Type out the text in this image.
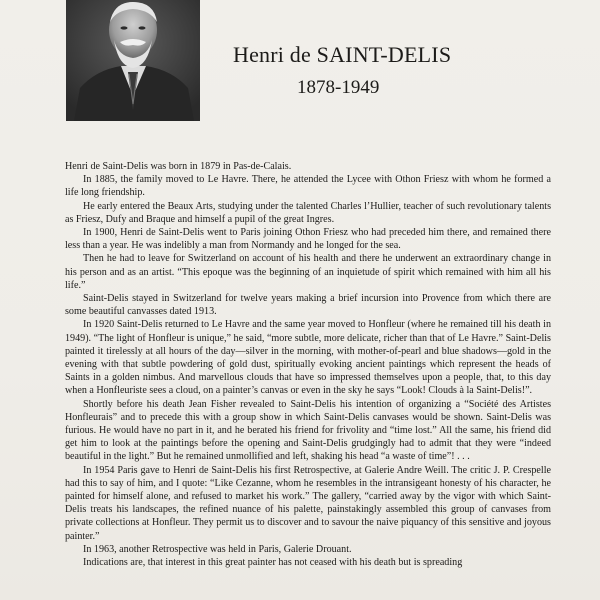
Henri de SAINT-DELIS
1878-1949

Henri de Saint-Delis was born in 1879 in Pas-de-Calais.

In 1885, the family moved to Le Havre. There, he attended the Lycee with Othon Friesz with whom he formed a life long friendship.

He early entered the Beaux Arts, studying under the talented Charles l’Hullier, teacher of such revolutionary talents as Friesz, Dufy and Braque and himself a pupil of the great Ingres.

In 1900, Henri de Saint-Delis went to Paris joining Othon Friesz who had preceded him there, and remained there less than a year. He was indelibly a man from Normandy and he longed for the sea.

Then he had to leave for Switzerland on account of his health and there he underwent an extraordinary change in his person and as an artist. “This epoque was the beginning of an inquietude of spirit which remained with him all his life.”

Saint-Delis stayed in Switzerland for twelve years making a brief incursion into Provence from which there are some beautiful canvasses dated 1913.

In 1920 Saint-Delis returned to Le Havre and the same year moved to Honfleur (where he remained till his death in 1949). “The light of Honfleur is unique,” he said, “more subtle, more delicate, richer than that of Le Havre.” Saint-Delis painted it tirelessly at all hours of the day—silver in the morning, with mother-of-pearl and blue shadows—gold in the evening with that subtle powdering of gold dust, spiritually evoking ancient paintings which represent the heads of Saints in a golden nimbus. And marvellous clouds that have so impressed themselves upon a people, that, to this day when a Honfleuriste sees a cloud, on a painter’s canvas or even in the sky he says “Look! Clouds à la Saint-Delis!”.

Shortly before his death Jean Fisher revealed to Saint-Delis his intention of organizing a “Société des Artistes Honfleurais” and to precede this with a group show in which Saint-Delis canvases would be shown. Saint-Delis was furious. He would have no part in it, and he berated his friend for frivolity and “time lost.” All the same, his friend did get him to look at the paintings before the opening and Saint-Delis grudgingly had to admit that they were “indeed beautiful in the light.” But he remained unmollified and left, shaking his head “a waste of time”! . . .

In 1954 Paris gave to Henri de Saint-Delis his first Retrospective, at Galerie Andre Weill. The critic J. P. Crespelle had this to say of him, and I quote: “Like Cezanne, whom he resembles in the intransigeant honesty of his character, he painted for himself alone, and refused to market his work.” The gallery, “carried away by the vigor with which Saint-Delis treats his landscapes, the refined nuance of his palette, painstakingly assembled this group of canvases from private collections at Honfleur. They permit us to discover and to savour the naive piquancy of this sensitive and joyous painter.”

In 1963, another Retrospective was held in Paris, Galerie Drouant.

Indications are, that interest in this great painter has not ceased with his death but is spreading
